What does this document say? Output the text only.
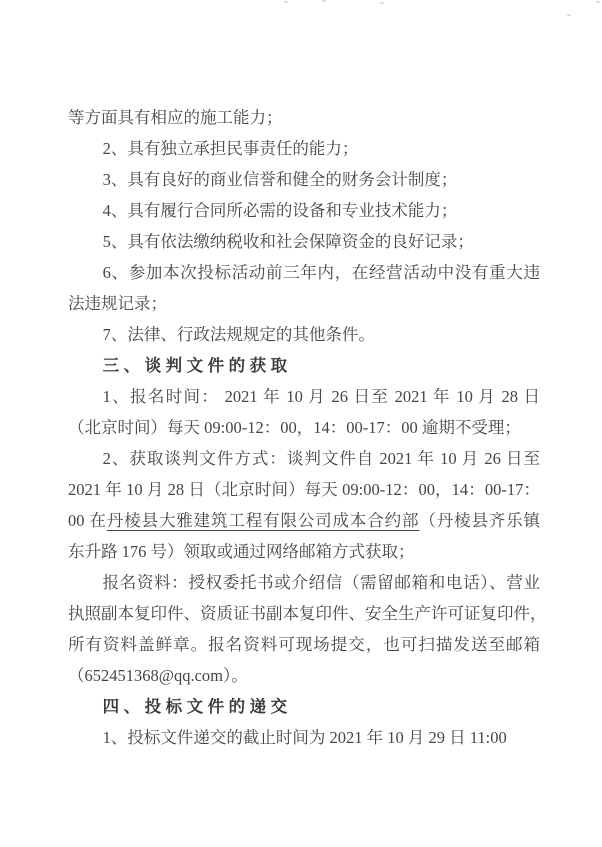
等方面具有相应的施工能力；
2、具有独立承担民事责任的能力；
3、具有良好的商业信誉和健全的财务会计制度；
4、具有履行合同所必需的设备和专业技术能力；
5、具有依法缴纳税收和社会保障资金的良好记录；
6、参加本次投标活动前三年内，在经营活动中没有重大违
法违规记录；
7、法律、行政法规规定的其他条件。
三、谈判文件的获取
1、报名时间： 2021 年 10 月 26 日至 2021 年 10 月 28 日
（北京时间）每天 09:00-12：00，14：00-17：00 逾期不受理；
2、获取谈判文件方式：谈判文件自 2021 年 10 月 26 日至
2021 年 10 月 28 日（北京时间）每天 09:00-12：00，14：00-17：
00 在丹棱县大雅建筑工程有限公司成本合约部（丹棱县齐乐镇
东升路 176 号）领取或通过网络邮箱方式获取；
报名资料：授权委托书或介绍信（需留邮箱和电话）、营业
执照副本复印件、资质证书副本复印件、安全生产许可证复印件，
所有资料盖鲜章。报名资料可现场提交，也可扫描发送至邮箱
（652451368@qq.com）。
四、投标文件的递交
1、投标文件递交的截止时间为 2021 年 10 月 29 日 11:00
